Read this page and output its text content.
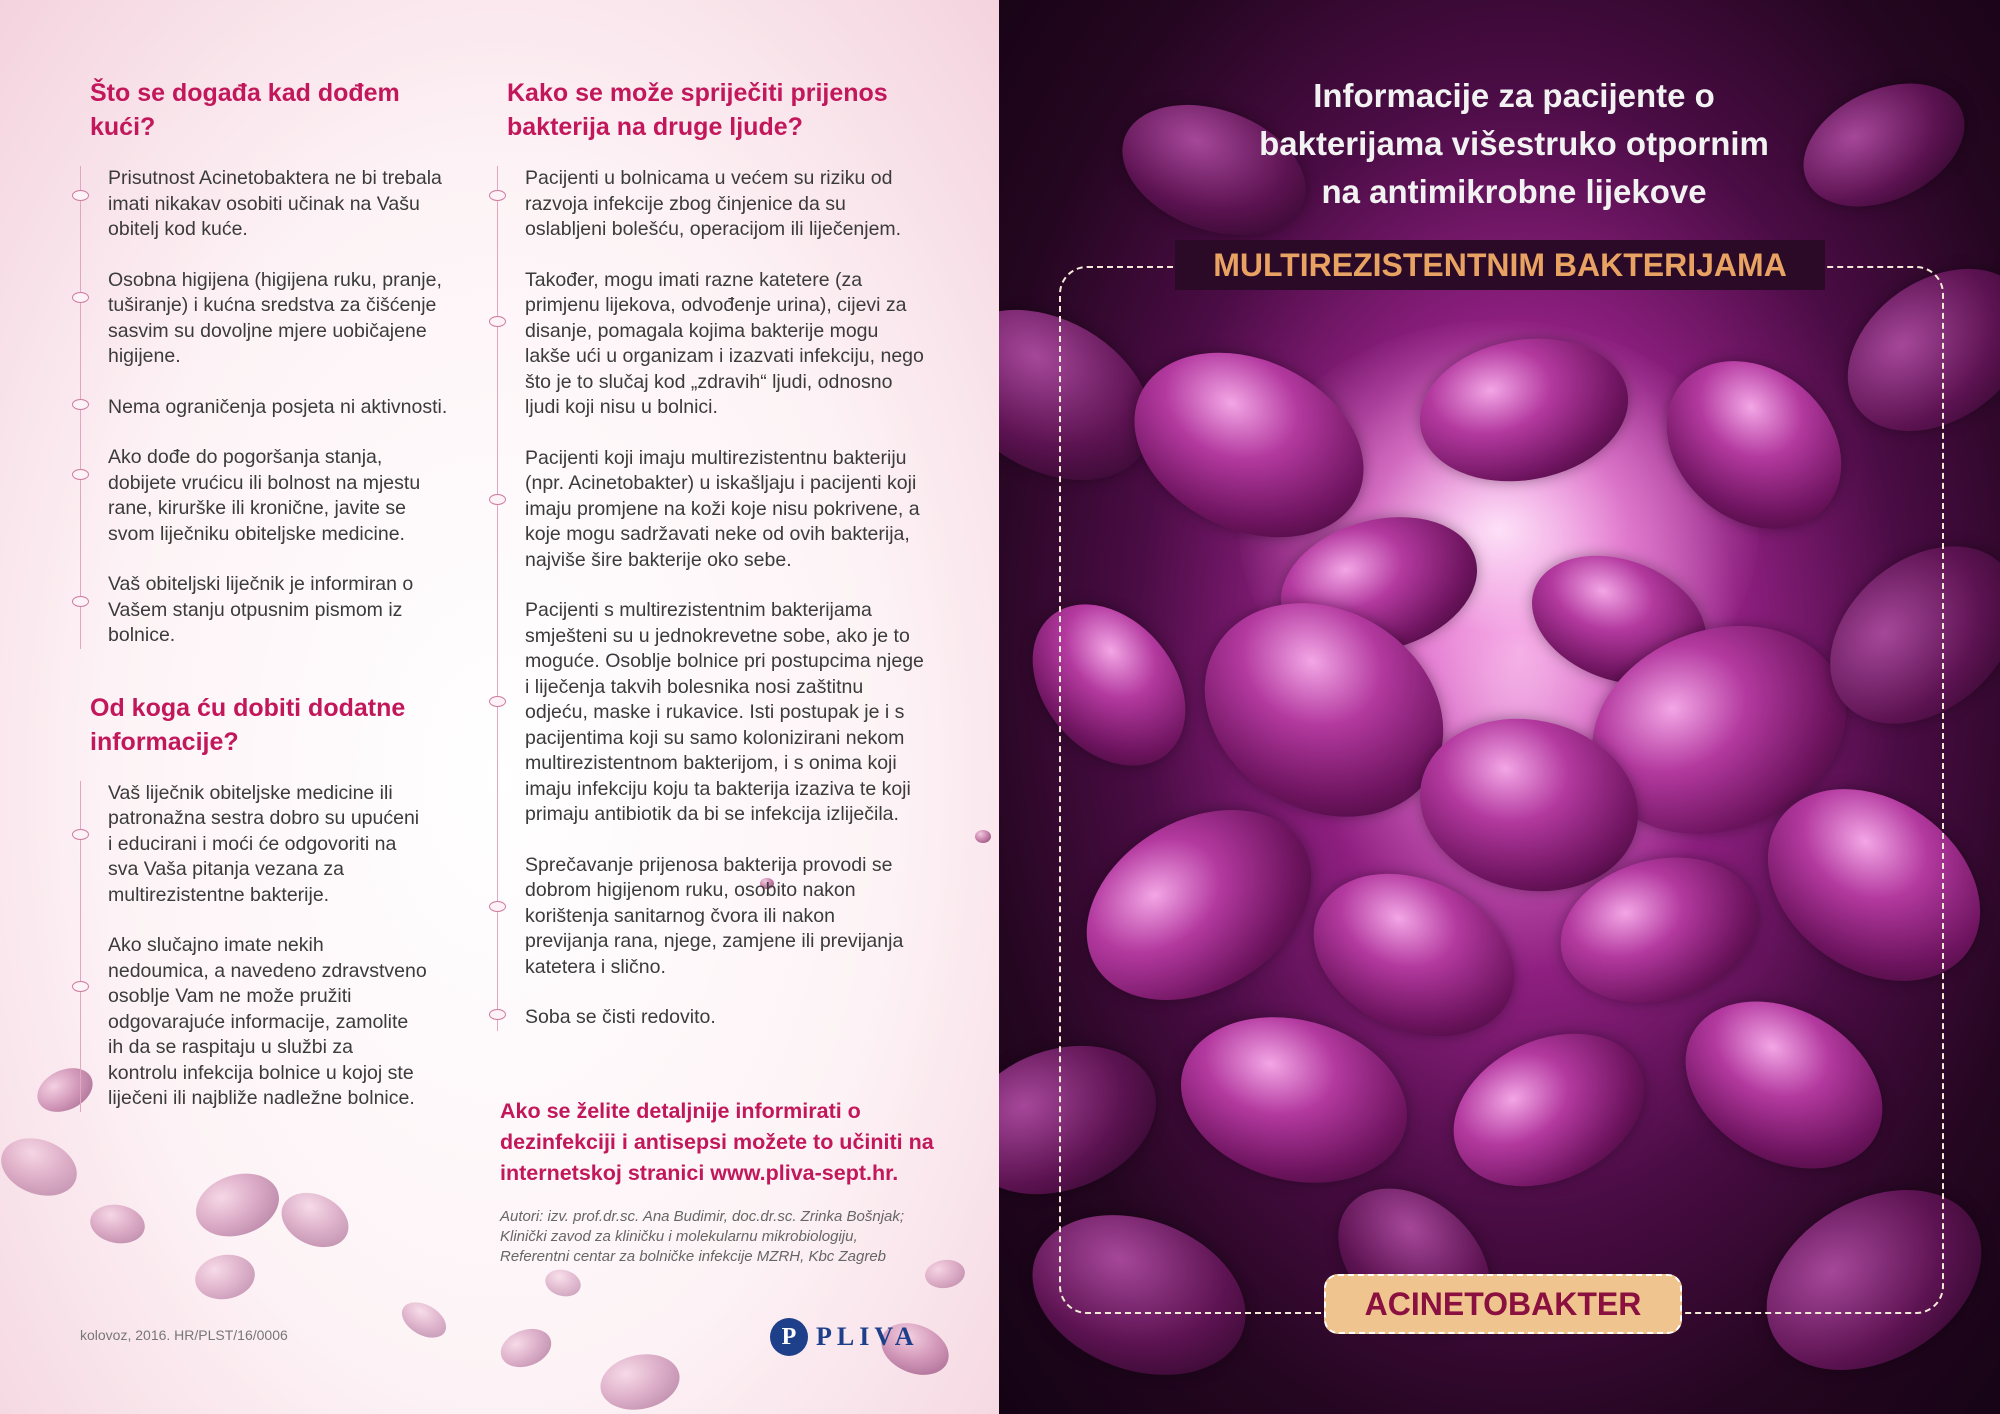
Što se događa kad dođem kući?

Prisutnost Acinetobaktera ne bi trebala
imati nikakav osobiti učinak na Vašu
obitelj kod kuće.

Osobna higijena (higijena ruku, pranje,
tuširanje) i kućna sredstva za čišćenje
sasvim su dovoljne mjere uobičajene
higijene.

Nema ograničenja posjeta ni aktivnosti.

Ako dođe do pogoršanja stanja,
dobijete vrućicu ili bolnost na mjestu
rane, kirurške ili kronične, javite se
svom liječniku obiteljske medicine.

Vaš obiteljski liječnik je informiran o
Vašem stanju otpusnim pismom iz
bolnice.

Od koga ću dobiti dodatne informacije?

Vaš liječnik obiteljske medicine ili
patronažna sestra dobro su upućeni
i educirani i moći će odgovoriti na
sva Vaša pitanja vezana za
multirezistentne bakterije.

Ako slučajno imate nekih
nedoumica, a navedeno zdravstveno
osoblje Vam ne može pružiti
odgovarajuće informacije, zamolite
ih da se raspitaju u službi za
kontrolu infekcija bolnice u kojoj ste
liječeni ili najbliže nadležne bolnice.

Kako se može spriječiti prijenos bakterija na druge ljude?

Pacijenti u bolnicama u većem su riziku od
razvoja infekcije zbog činjenice da su
oslabljeni bolešću, operacijom ili liječenjem.

Također, mogu imati razne katetere (za
primjenu lijekova, odvođenje urina), cijevi za
disanje, pomagala kojima bakterije mogu
lakše ući u organizam i izazvati infekciju, nego
što je to slučaj kod „zdravih“ ljudi, odnosno
ljudi koji nisu u bolnici.

Pacijenti koji imaju multirezistentnu bakteriju
(npr. Acinetobakter) u iskašljaju i pacijenti koji
imaju promjene na koži koje nisu pokrivene, a
koje mogu sadržavati neke od ovih bakterija,
najviše šire bakterije oko sebe.

Pacijenti s multirezistentnim bakterijama
smješteni su u jednokrevetne sobe, ako je to
moguće. Osoblje bolnice pri postupcima njege
i liječenja takvih bolesnika nosi zaštitnu
odjeću, maske i rukavice. Isti postupak je i s
pacijentima koji su samo kolonizirani nekom
multirezistentnom bakterijom, i s onima koji
imaju infekciju koju ta bakterija izaziva te koji
primaju antibiotik da bi se infekcija izliječila.

Sprečavanje prijenosa bakterija provodi se
dobrom higijenom ruku, osobito nakon
korištenja sanitarnog čvora ili nakon
previjanja rana, njege, zamjene ili previjanja
katetera i slično.

Soba se čisti redovito.

Ako se želite detaljnije informirati o
dezinfekciji i antisepsi možete to učiniti na
internetskoj stranici www.pliva-sept.hr.
Autori: izv. prof.dr.sc. Ana Budimir, doc.dr.sc. Zrinka Bošnjak;
Klinički zavod za kliničku i molekularnu mikrobiologiju,
Referentni centar za bolničke infekcije MZRH, Kbc Zagreb
kolovoz, 2016. HR/PLST/16/0006	P PLIVA
Informacije za pacijente o
bakterijama višestruko otpornim
na antimikrobne lijekove
MULTIREZISTENTNIM BAKTERIJAMA
ACINETOBAKTER
